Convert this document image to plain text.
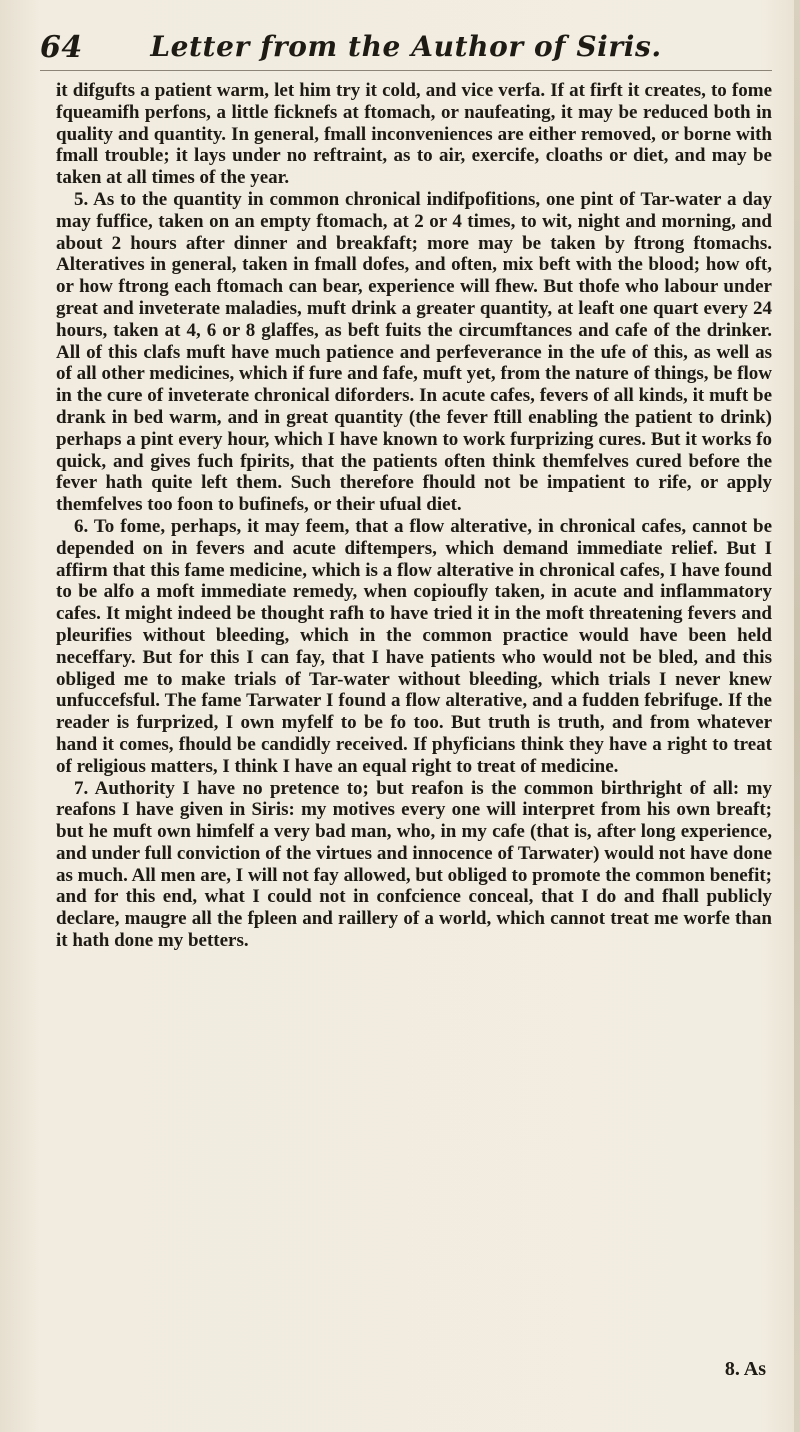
64	Letter from the Author of Siris.

it difgufts a patient warm, let him try it cold, and vice verfa. If at firft it creates, to fome fqueamifh perfons, a little ficknefs at ftomach, or naufeating, it may be reduced both in quality and quantity. In general, fmall inconveniences are either removed, or borne with fmall trouble; it lays under no reftraint, as to air, exercife, cloaths or diet, and may be taken at all times of the year.

5. As to the quantity in common chronical indifpofitions, one pint of Tar-water a day may fuffice, taken on an empty ftomach, at 2 or 4 times, to wit, night and morning, and about 2 hours after dinner and breakfaft; more may be taken by ftrong ftomachs. Alteratives in general, taken in fmall dofes, and often, mix beft with the blood; how oft, or how ftrong each ftomach can bear, experience will fhew. But thofe who labour under great and inveterate maladies, muft drink a greater quantity, at leaft one quart every 24 hours, taken at 4, 6 or 8 glaffes, as beft fuits the circumftances and cafe of the drinker. All of this clafs muft have much patience and perfeverance in the ufe of this, as well as of all other medicines, which if fure and fafe, muft yet, from the nature of things, be flow in the cure of inveterate chronical diforders. In acute cafes, fevers of all kinds, it muft be drank in bed warm, and in great quantity (the fever ftill enabling the patient to drink) perhaps a pint every hour, which I have known to work furprizing cures. But it works fo quick, and gives fuch fpirits, that the patients often think themfelves cured before the fever hath quite left them. Such therefore fhould not be impatient to rife, or apply themfelves too foon to bufinefs, or their ufual diet.

6. To fome, perhaps, it may feem, that a flow alterative, in chronical cafes, cannot be depended on in fevers and acute diftempers, which demand immediate relief. But I affirm that this fame medicine, which is a flow alterative in chronical cafes, I have found to be alfo a moft immediate remedy, when copioufly taken, in acute and inflammatory cafes. It might indeed be thought rafh to have tried it in the moft threatening fevers and pleurifies without bleeding, which in the common practice would have been held neceffary. But for this I can fay, that I have patients who would not be bled, and this obliged me to make trials of Tar-water without bleeding, which trials I never knew unfuccefsful. The fame Tarwater I found a flow alterative, and a fudden febrifuge. If the reader is furprized, I own myfelf to be fo too. But truth is truth, and from whatever hand it comes, fhould be candidly received. If phyficians think they have a right to treat of religious matters, I think I have an equal right to treat of medicine.

7. Authority I have no pretence to; but reafon is the common birthright of all: my reafons I have given in Siris: my motives every one will interpret from his own breaft; but he muft own himfelf a very bad man, who, in my cafe (that is, after long experience, and under full conviction of the virtues and innocence of Tarwater) would not have done as much. All men are, I will not fay allowed, but obliged to promote the common benefit; and for this end, what I could not in confcience conceal, that I do and fhall publicly declare, maugre all the fpleen and raillery of a world, which cannot treat me worfe than it hath done my betters.

8. As
